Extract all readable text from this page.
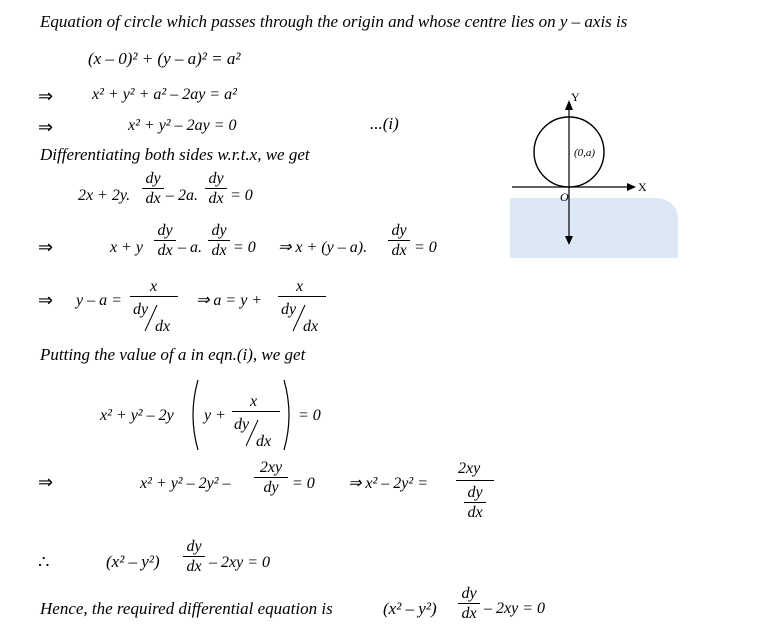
Equation of circle which passes through the origin and whose centre lies on y – axis is
(x – 0)² + (y – a)² = a²
⇒ x² + y² + a² – 2ay = a²
⇒	x² + y² – 2ay = 0	...(i)
Differentiating both sides w.r.t.x, we get
2x + 2y.
dy
dx – 2a.
dy
dx = 0
⇒	x + y
dy
dx – a.
dy
dx = 0 ⇒ x + (y – a).
dy
dx = 0
⇒ y – a =
x
dy
dx
⇒ a = y +
x
dy
dx
Putting the value of a in eqn.(i), we get
x² + y² – 2y y +
x
dy
dx
= 0
⇒	x² + y² – 2y² –
2xy
dy = 0 ⇒ x² – 2y² =
2xy
dy
dx
∴	(x² – y²)
dy
dx – 2xy = 0
Hence, the required differential equation is	(x² – y²)
dy
dx – 2xy = 0
Y
X
O
(0,a)
